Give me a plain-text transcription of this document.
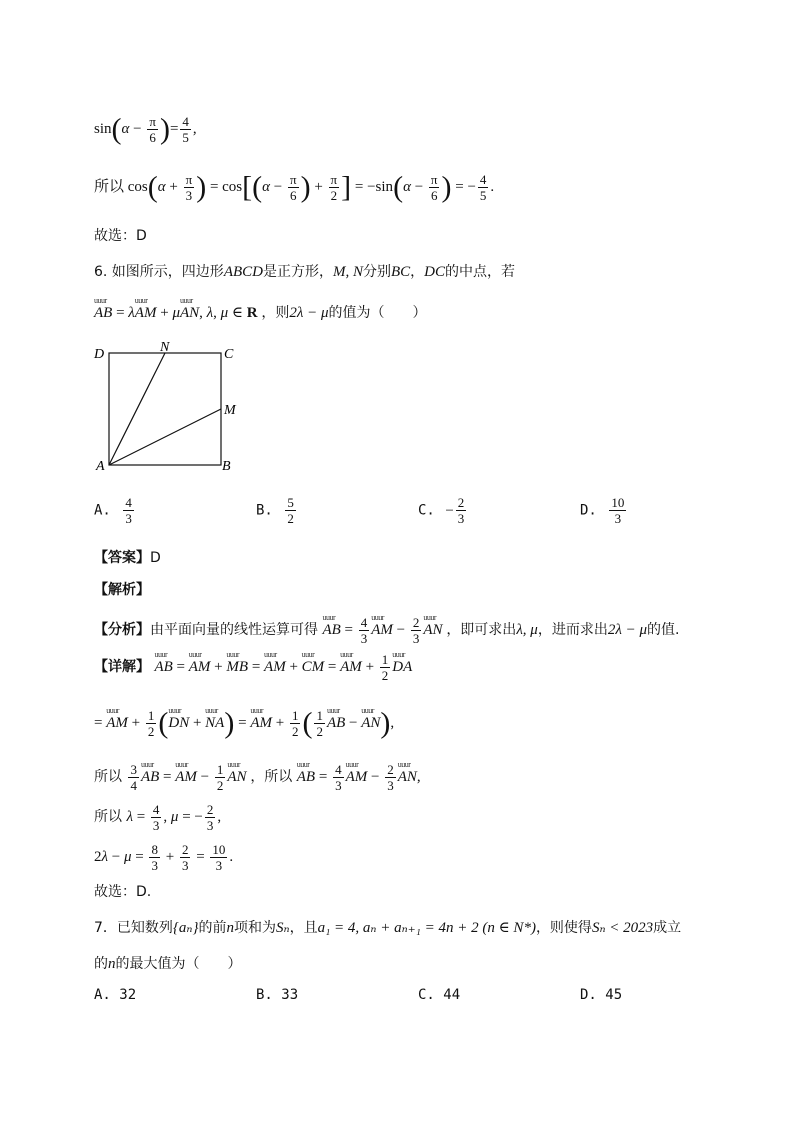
$\sin(\alpha - \frac{\pi}{6}$ )= $\frac{4}{5}$ ,
所以
$\cos(\alpha + \frac{\pi}{3}$ ) = $\cos[(\alpha - \frac{\pi}{6}$ ) + $\frac{\pi}{2}$ ] = $-\sin(\alpha - \frac{\pi}{6}$ ) = − $\frac{4}{5}$ .
故选：D
6. 如图所示，四边形ABCD是正方形，M, N分别BC，DC的中点，若
uuur AB = λuuur AM + μuuur AN, λ, μ ∈ R ，则2λ − μ的值为（　　）
D	N	C
M
A	B
A. $\frac{4}{3}$	B. $\frac{5}{2}$	C. − $\frac{2}{3}$	D. $\frac{10}{3}$
【答案】D
【解析】
【分析】由平面向量的线性运算可得 uuur AB = $\frac{4}{3}$ uuur AM − $\frac{2}{3}$ uuur AN ，即可求出λ, μ，进而求出2λ − μ的值.
【详解】 uuur AB = uuur AM + uuur MB = uuur AM + uuur CM = uuur AM + $\frac{1}{2}$ uuur DA
= uuur AM + $\frac{1}{2}$ (uuur DN + uuur NA) = uuur AM + $\frac{1}{2}$ ( $\frac{1}{2}$ uuur AB − uuur AN),
所以 $\frac{3}{4}$ uuur AB = uuur AM − $\frac{1}{2}$ uuur AN ，所以 uuur AB = $\frac{4}{3}$ uuur AM − $\frac{2}{3}$ uuur AN,
所以 $\lambda = \frac{4}{3}$ , μ = − $\frac{2}{3}$ ,
$2\lambda - \mu = \frac{8}{3} + \frac{2}{3} = \frac{10}{3}$ .
故选：D.
7．已知数列{aₙ}的前n项和为Sₙ，且a₁ = 4, aₙ + aₙ₊₁ = 4n + 2 (n ∈ N*)，则使得Sₙ < 2023成立
的n的最大值为（　　）
A. 32	B. 33	C. 44	D. 45
